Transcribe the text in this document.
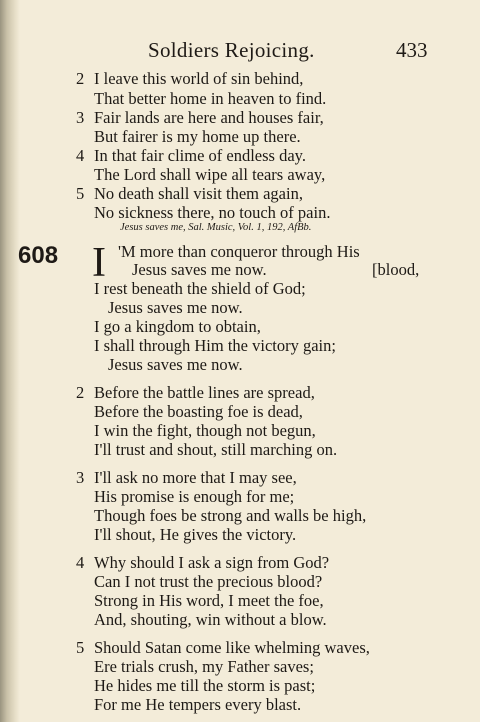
Soldiers Rejoicing.	433
2 I leave this world of sin behind,
That better home in heaven to find.
3 Fair lands are here and houses fair,
But fairer is my home up there.
4 In that fair clime of endless day.
The Lord shall wipe all tears away,
5 No death shall visit them again,
No sickness there, no touch of pain.
Jesus saves me, Sal. Music, Vol. 1, 192, AfBb.
608 I 'M more than conqueror through His
Jesus saves me now.	[blood,
I rest beneath the shield of God;
Jesus saves me now.
I go a kingdom to obtain,
I shall through Him the victory gain;
Jesus saves me now.
2 Before the battle lines are spread,
Before the boasting foe is dead,
I win the fight, though not begun,
I'll trust and shout, still marching on.
3 I'll ask no more that I may see,
His promise is enough for me;
Though foes be strong and walls be high,
I'll shout, He gives the victory.
4 Why should I ask a sign from God?
Can I not trust the precious blood?
Strong in His word, I meet the foe,
And, shouting, win without a blow.
5 Should Satan come like whelming waves,
Ere trials crush, my Father saves;
He hides me till the storm is past;
For me He tempers every blast.
